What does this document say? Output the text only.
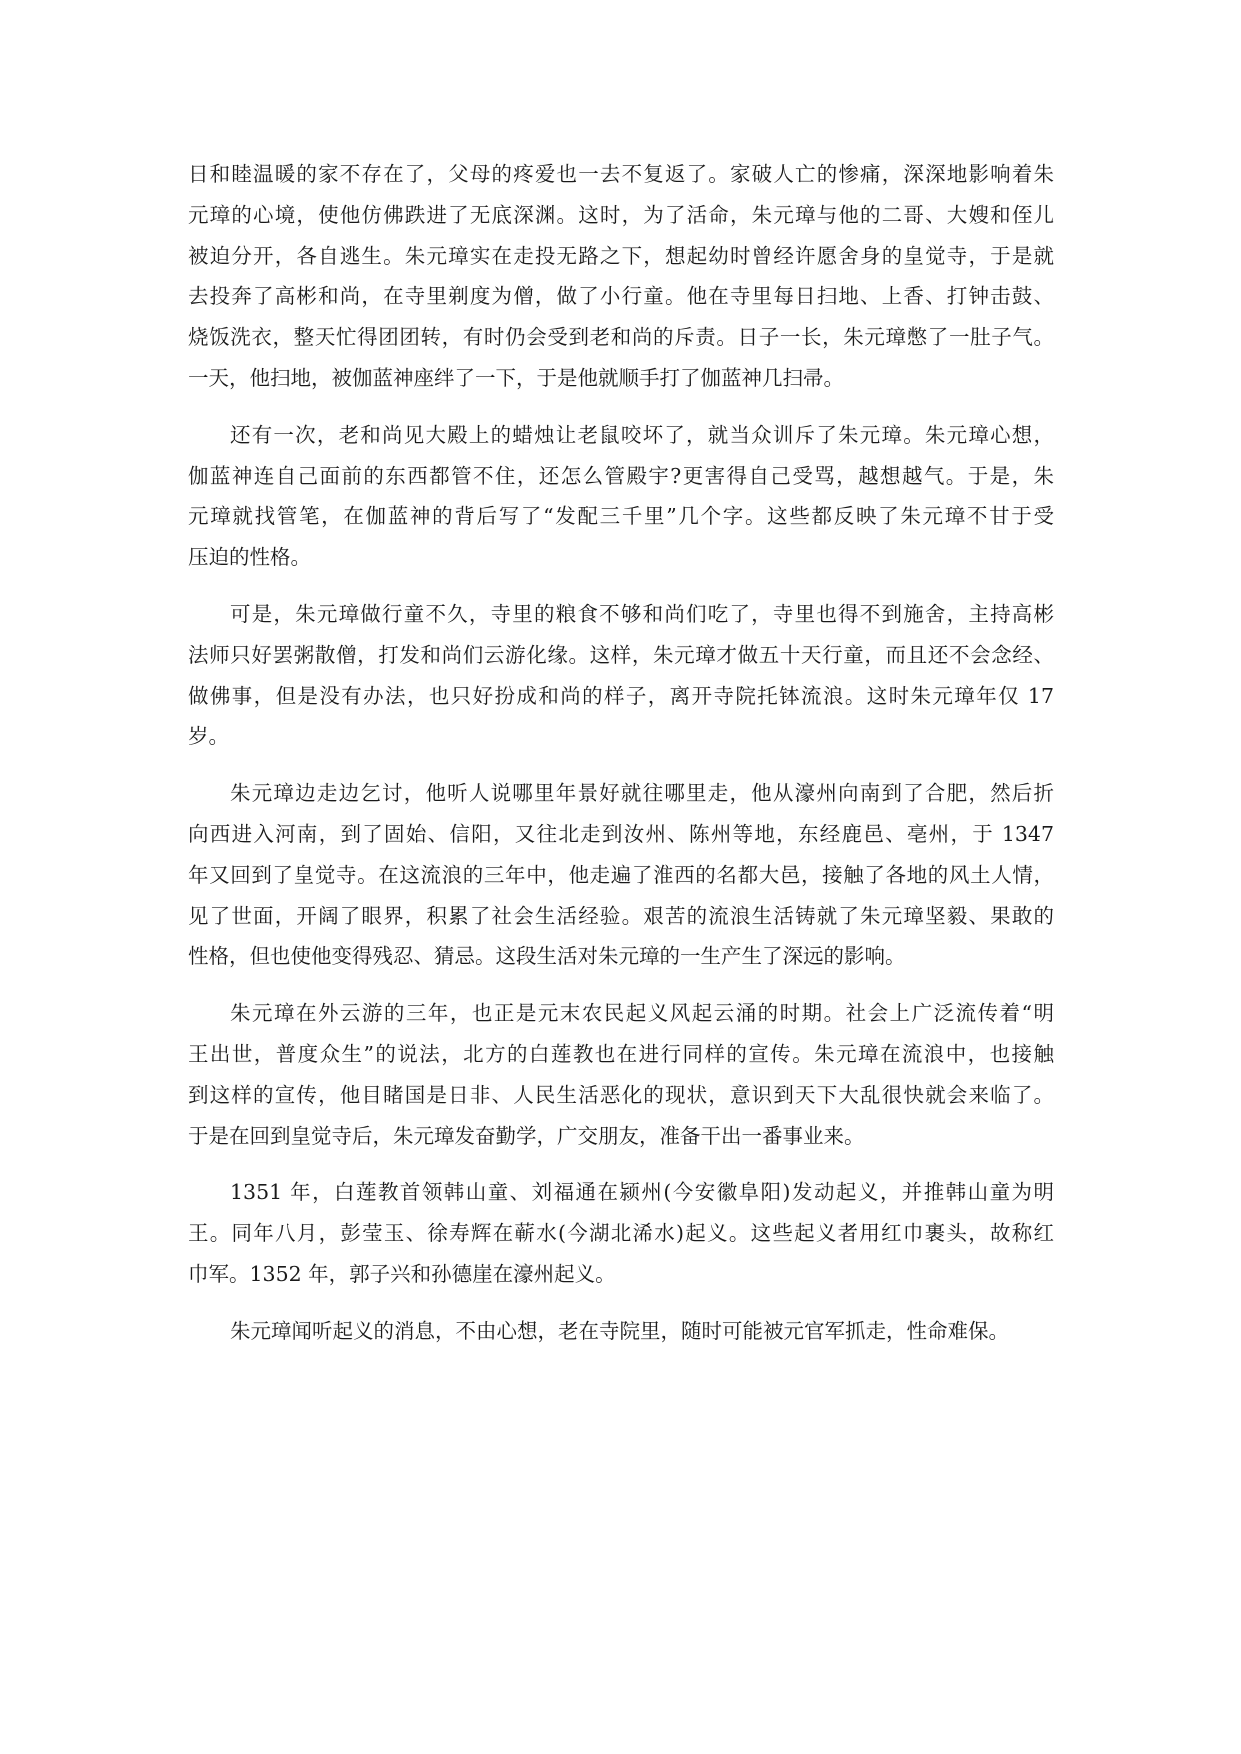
日和睦温暖的家不存在了，父母的疼爱也一去不复返了。家破人亡的惨痛，深深地影响着朱
元璋的心境，使他仿佛跌进了无底深渊。这时，为了活命，朱元璋与他的二哥、大嫂和侄儿
被迫分开，各自逃生。朱元璋实在走投无路之下，想起幼时曾经许愿舍身的皇觉寺，于是就
去投奔了高彬和尚，在寺里剃度为僧，做了小行童。他在寺里每日扫地、上香、打钟击鼓、
烧饭洗衣，整天忙得团团转，有时仍会受到老和尚的斥责。日子一长，朱元璋憋了一肚子气。
一天，他扫地，被伽蓝神座绊了一下，于是他就顺手打了伽蓝神几扫帚。
还有一次，老和尚见大殿上的蜡烛让老鼠咬坏了，就当众训斥了朱元璋。朱元璋心想，
伽蓝神连自己面前的东西都管不住，还怎么管殿宇?更害得自己受骂，越想越气。于是，朱
元璋就找管笔，在伽蓝神的背后写了“发配三千里”几个字。这些都反映了朱元璋不甘于受
压迫的性格。
可是，朱元璋做行童不久，寺里的粮食不够和尚们吃了，寺里也得不到施舍，主持高彬
法师只好罢粥散僧，打发和尚们云游化缘。这样，朱元璋才做五十天行童，而且还不会念经、
做佛事，但是没有办法，也只好扮成和尚的样子，离开寺院托钵流浪。这时朱元璋年仅 17
岁。
朱元璋边走边乞讨，他听人说哪里年景好就往哪里走，他从濠州向南到了合肥，然后折
向西进入河南，到了固始、信阳，又往北走到汝州、陈州等地，东经鹿邑、亳州，于 1347
年又回到了皇觉寺。在这流浪的三年中，他走遍了淮西的名都大邑，接触了各地的风土人情，
见了世面，开阔了眼界，积累了社会生活经验。艰苦的流浪生活铸就了朱元璋坚毅、果敢的
性格，但也使他变得残忍、猜忌。这段生活对朱元璋的一生产生了深远的影响。
朱元璋在外云游的三年，也正是元末农民起义风起云涌的时期。社会上广泛流传着“明
王出世，普度众生”的说法，北方的白莲教也在进行同样的宣传。朱元璋在流浪中，也接触
到这样的宣传，他目睹国是日非、人民生活恶化的现状，意识到天下大乱很快就会来临了。
于是在回到皇觉寺后，朱元璋发奋勤学，广交朋友，准备干出一番事业来。
1351 年，白莲教首领韩山童、刘福通在颍州(今安徽阜阳)发动起义，并推韩山童为明
王。同年八月，彭莹玉、徐寿辉在蕲水(今湖北浠水)起义。这些起义者用红巾裹头，故称红
巾军。1352 年，郭子兴和孙德崖在濠州起义。
朱元璋闻听起义的消息，不由心想，老在寺院里，随时可能被元官军抓走，性命难保。
